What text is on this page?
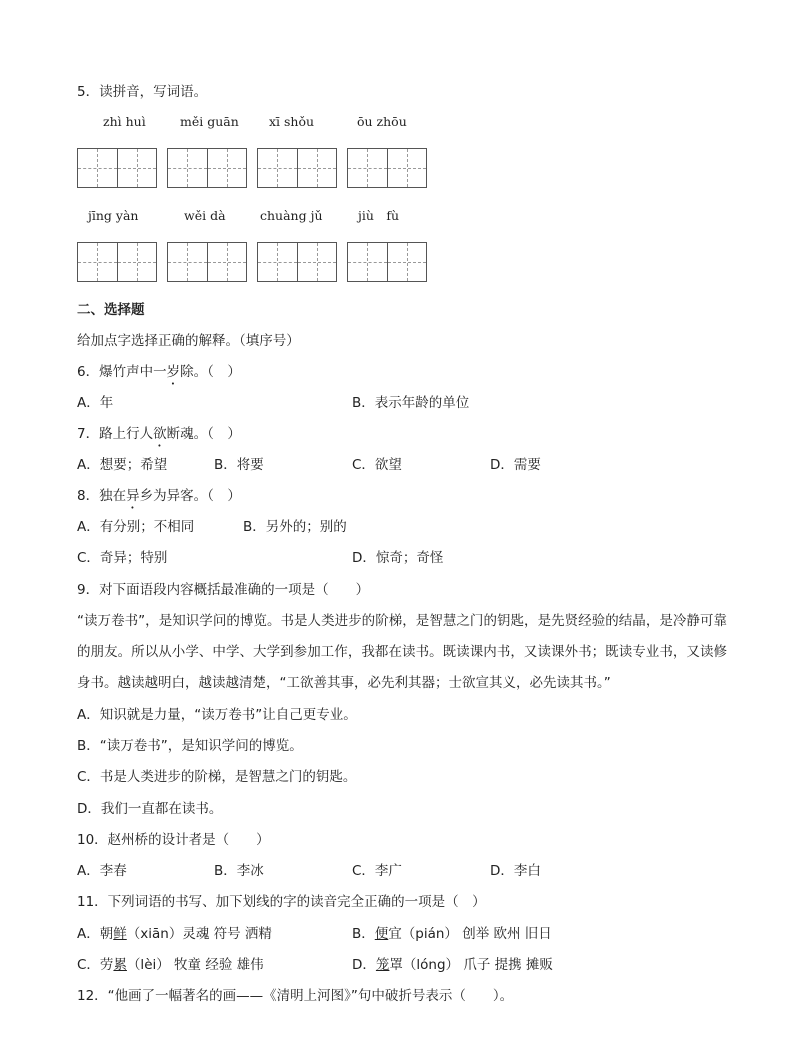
5．读拼音，写词语。
zhì huì	měi guān xī shǒu	ōu zhōu
jīng yàn	wěi dà	chuàng jǔ	jiù　fù
二、选择题
给加点字选择正确的解释。（填序号）
6．爆竹声中一岁除。（　）
A．年	B．表示年龄的单位
7．路上行人欲断魂。（　）
A．想要；希望	B．将要	C．欲望	D．需要
8．独在异乡为异客。（　）
A．有分别；不相同	B．另外的；别的
C．奇异；特别	D．惊奇；奇怪
9．对下面语段内容概括最准确的一项是（　　）
“读万卷书”，是知识学问的博览。书是人类进步的阶梯，是智慧之门的钥匙，是先贤经验的结晶，是冷静可靠的朋友。所以从小学、中学、大学到参加工作，我都在读书。既读课内书，又读课外书；既读专业书，又读修身书。越读越明白，越读越清楚，“工欲善其事，必先利其器；士欲宣其义，必先读其书。”
A．知识就是力量，“读万卷书”让自己更专业。
B．“读万卷书”，是知识学问的博览。
C．书是人类进步的阶梯，是智慧之门的钥匙。
D．我们一直都在读书。
10．赵州桥的设计者是（　　）
A．李春	B．李冰	C．李广	D．李白
11．下列词语的书写、加下划线的字的读音完全正确的一项是（　）
A．朝鲜（xiān）灵魂 符号 洒精	B．便宜（pián） 创举 欧州 旧日
C．劳累（lèi） 牧童 经验 雄伟	D．笼罩（lóng） 爪子 提携 摊贩
12．“他画了一幅著名的画——《清明上河图》”句中破折号表示（　　）。
